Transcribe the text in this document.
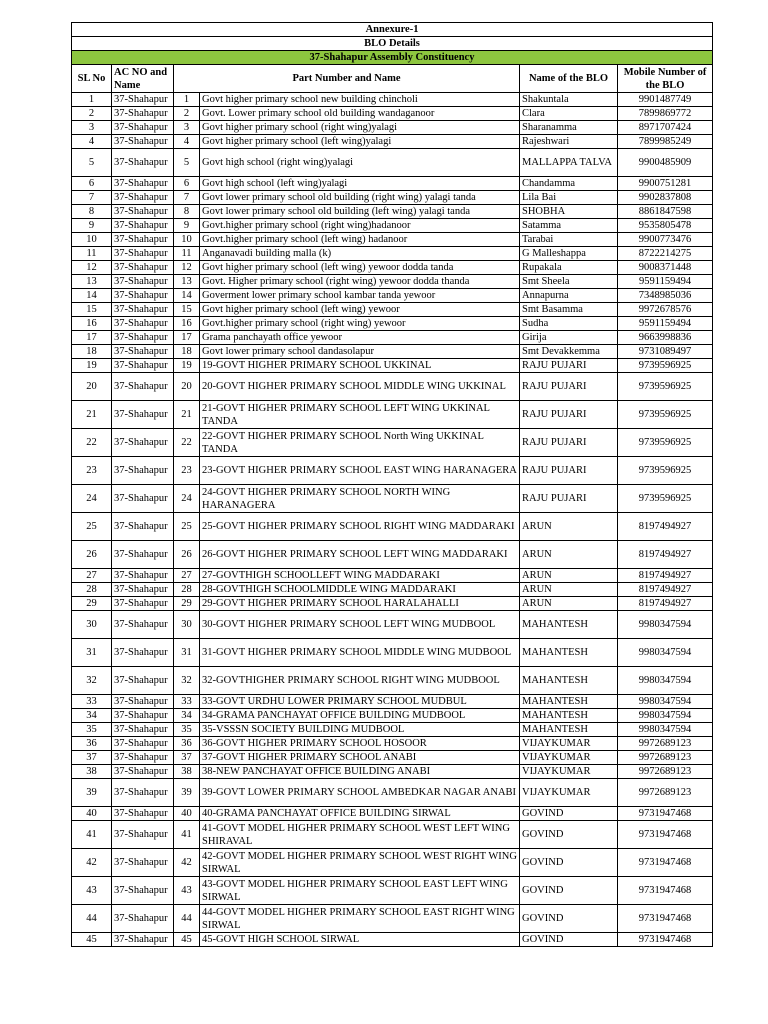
Annexure-1					
BLO Details					
37-Shahapur Assembly Constituency					
SL No	AC NO and Name	Part Number and Name		Name of the BLO	Mobile Number of the BLO
1	37-Shahapur	1	Govt higher primary school new building chincholi	Shakuntala	9901487749
2	37-Shahapur	2	Govt. Lower primary school old building wandaganoor	Clara	7899869772
3	37-Shahapur	3	Govt higher primary school (right wing)yalagi	Sharanamma	8971707424
4	37-Shahapur	4	Govt higher primary school (left wing)yalagi	Rajeshwari	7899985249
5	37-Shahapur	5	Govt high school (right wing)yalagi	MALLAPPA TALVA	9900485909
6	37-Shahapur	6	Govt high school (left wing)yalagi	Chandamma	9900751281
7	37-Shahapur	7	Govt lower primary school old building (right wing) yalagi tanda	Lila Bai	9902837808
8	37-Shahapur	8	Govt lower primary school old building (left wing) yalagi tanda	SHOBHA	8861847598
9	37-Shahapur	9	Govt.higher primary school (right wing)hadanoor	Satamma	9535805478
10	37-Shahapur	10	Govt.higher primary school (left wing) hadanoor	Tarabai	9900773476
11	37-Shahapur	11	Anganavadi building malla (k)	G Malleshappa	8722214275
12	37-Shahapur	12	Govt higher primary school (left wing) yewoor dodda tanda	Rupakala	9008371448
13	37-Shahapur	13	Govt. Higher primary school (right wing) yewoor dodda thanda	Smt Sheela	9591159494
14	37-Shahapur	14	Goverment lower primary school kambar tanda yewoor	Annapurna	7348985036
15	37-Shahapur	15	Govt higher primary school (left wing) yewoor	Smt Basamma	9972678576
16	37-Shahapur	16	Govt.higher primary school (right wing) yewoor	Sudha	9591159494
17	37-Shahapur	17	Grama panchayath office yewoor	Girija	9663998836
18	37-Shahapur	18	Govt lower primary school dandasolapur	Smt Devakkemma	9731089497
19	37-Shahapur	19	19-GOVT HIGHER PRIMARY SCHOOL UKKINAL	RAJU PUJARI	9739596925
20	37-Shahapur	20	20-GOVT HIGHER PRIMARY SCHOOL MIDDLE WING UKKINAL	RAJU PUJARI	9739596925
21	37-Shahapur	21	21-GOVT HIGHER PRIMARY SCHOOL LEFT WING UKKINAL TANDA	RAJU PUJARI	9739596925
22	37-Shahapur	22	22-GOVT HIGHER PRIMARY SCHOOL North Wing UKKINAL TANDA	RAJU PUJARI	9739596925
23	37-Shahapur	23	23-GOVT HIGHER PRIMARY SCHOOL EAST WING HARANAGERA	RAJU PUJARI	9739596925
24	37-Shahapur	24	24-GOVT HIGHER PRIMARY SCHOOL NORTH WING HARANAGERA	RAJU PUJARI	9739596925
25	37-Shahapur	25	25-GOVT HIGHER PRIMARY SCHOOL RIGHT WING MADDARAKI	ARUN	8197494927
26	37-Shahapur	26	26-GOVT HIGHER PRIMARY SCHOOL LEFT WING MADDARAKI	ARUN	8197494927
27	37-Shahapur	27	27-GOVTHIGH SCHOOLLEFT WING MADDARAKI	ARUN	8197494927
28	37-Shahapur	28	28-GOVTHIGH SCHOOLMIDDLE WING MADDARAKI	ARUN	8197494927
29	37-Shahapur	29	29-GOVT HIGHER PRIMARY SCHOOL HARALAHALLI	ARUN	8197494927
30	37-Shahapur	30	30-GOVT HIGHER PRIMARY SCHOOL LEFT WING MUDBOOL	MAHANTESH	9980347594
31	37-Shahapur	31	31-GOVT HIGHER PRIMARY SCHOOL MIDDLE WING MUDBOOL	MAHANTESH	9980347594
32	37-Shahapur	32	32-GOVTHIGHER PRIMARY SCHOOL RIGHT WING MUDBOOL	MAHANTESH	9980347594
33	37-Shahapur	33	33-GOVT URDHU LOWER PRIMARY SCHOOL MUDBUL	MAHANTESH	9980347594
34	37-Shahapur	34	34-GRAMA PANCHAYAT OFFICE BUILDING MUDBOOL	MAHANTESH	9980347594
35	37-Shahapur	35	35-VSSSN SOCIETY BUILDING MUDBOOL	MAHANTESH	9980347594
36	37-Shahapur	36	36-GOVT HIGHER PRIMARY SCHOOL HOSOOR	VIJAYKUMAR	9972689123
37	37-Shahapur	37	37-GOVT HIGHER PRIMARY SCHOOL ANABI	VIJAYKUMAR	9972689123
38	37-Shahapur	38	38-NEW PANCHAYAT OFFICE BUILDING ANABI	VIJAYKUMAR	9972689123
39	37-Shahapur	39	39-GOVT LOWER PRIMARY SCHOOL AMBEDKAR NAGAR ANABI	VIJAYKUMAR	9972689123
40	37-Shahapur	40	40-GRAMA PANCHAYAT OFFICE BUILDING SIRWAL	GOVIND	9731947468
41	37-Shahapur	41	41-GOVT MODEL HIGHER PRIMARY SCHOOL WEST LEFT WING SHIRAVAL	GOVIND	9731947468
42	37-Shahapur	42	42-GOVT MODEL HIGHER PRIMARY SCHOOL WEST RIGHT WING SIRWAL	GOVIND	9731947468
43	37-Shahapur	43	43-GOVT MODEL HIGHER PRIMARY SCHOOL EAST LEFT WING SIRWAL	GOVIND	9731947468
44	37-Shahapur	44	44-GOVT MODEL HIGHER PRIMARY SCHOOL EAST RIGHT WING SIRWAL	GOVIND	9731947468
45	37-Shahapur	45	45-GOVT HIGH SCHOOL SIRWAL	GOVIND	9731947468
